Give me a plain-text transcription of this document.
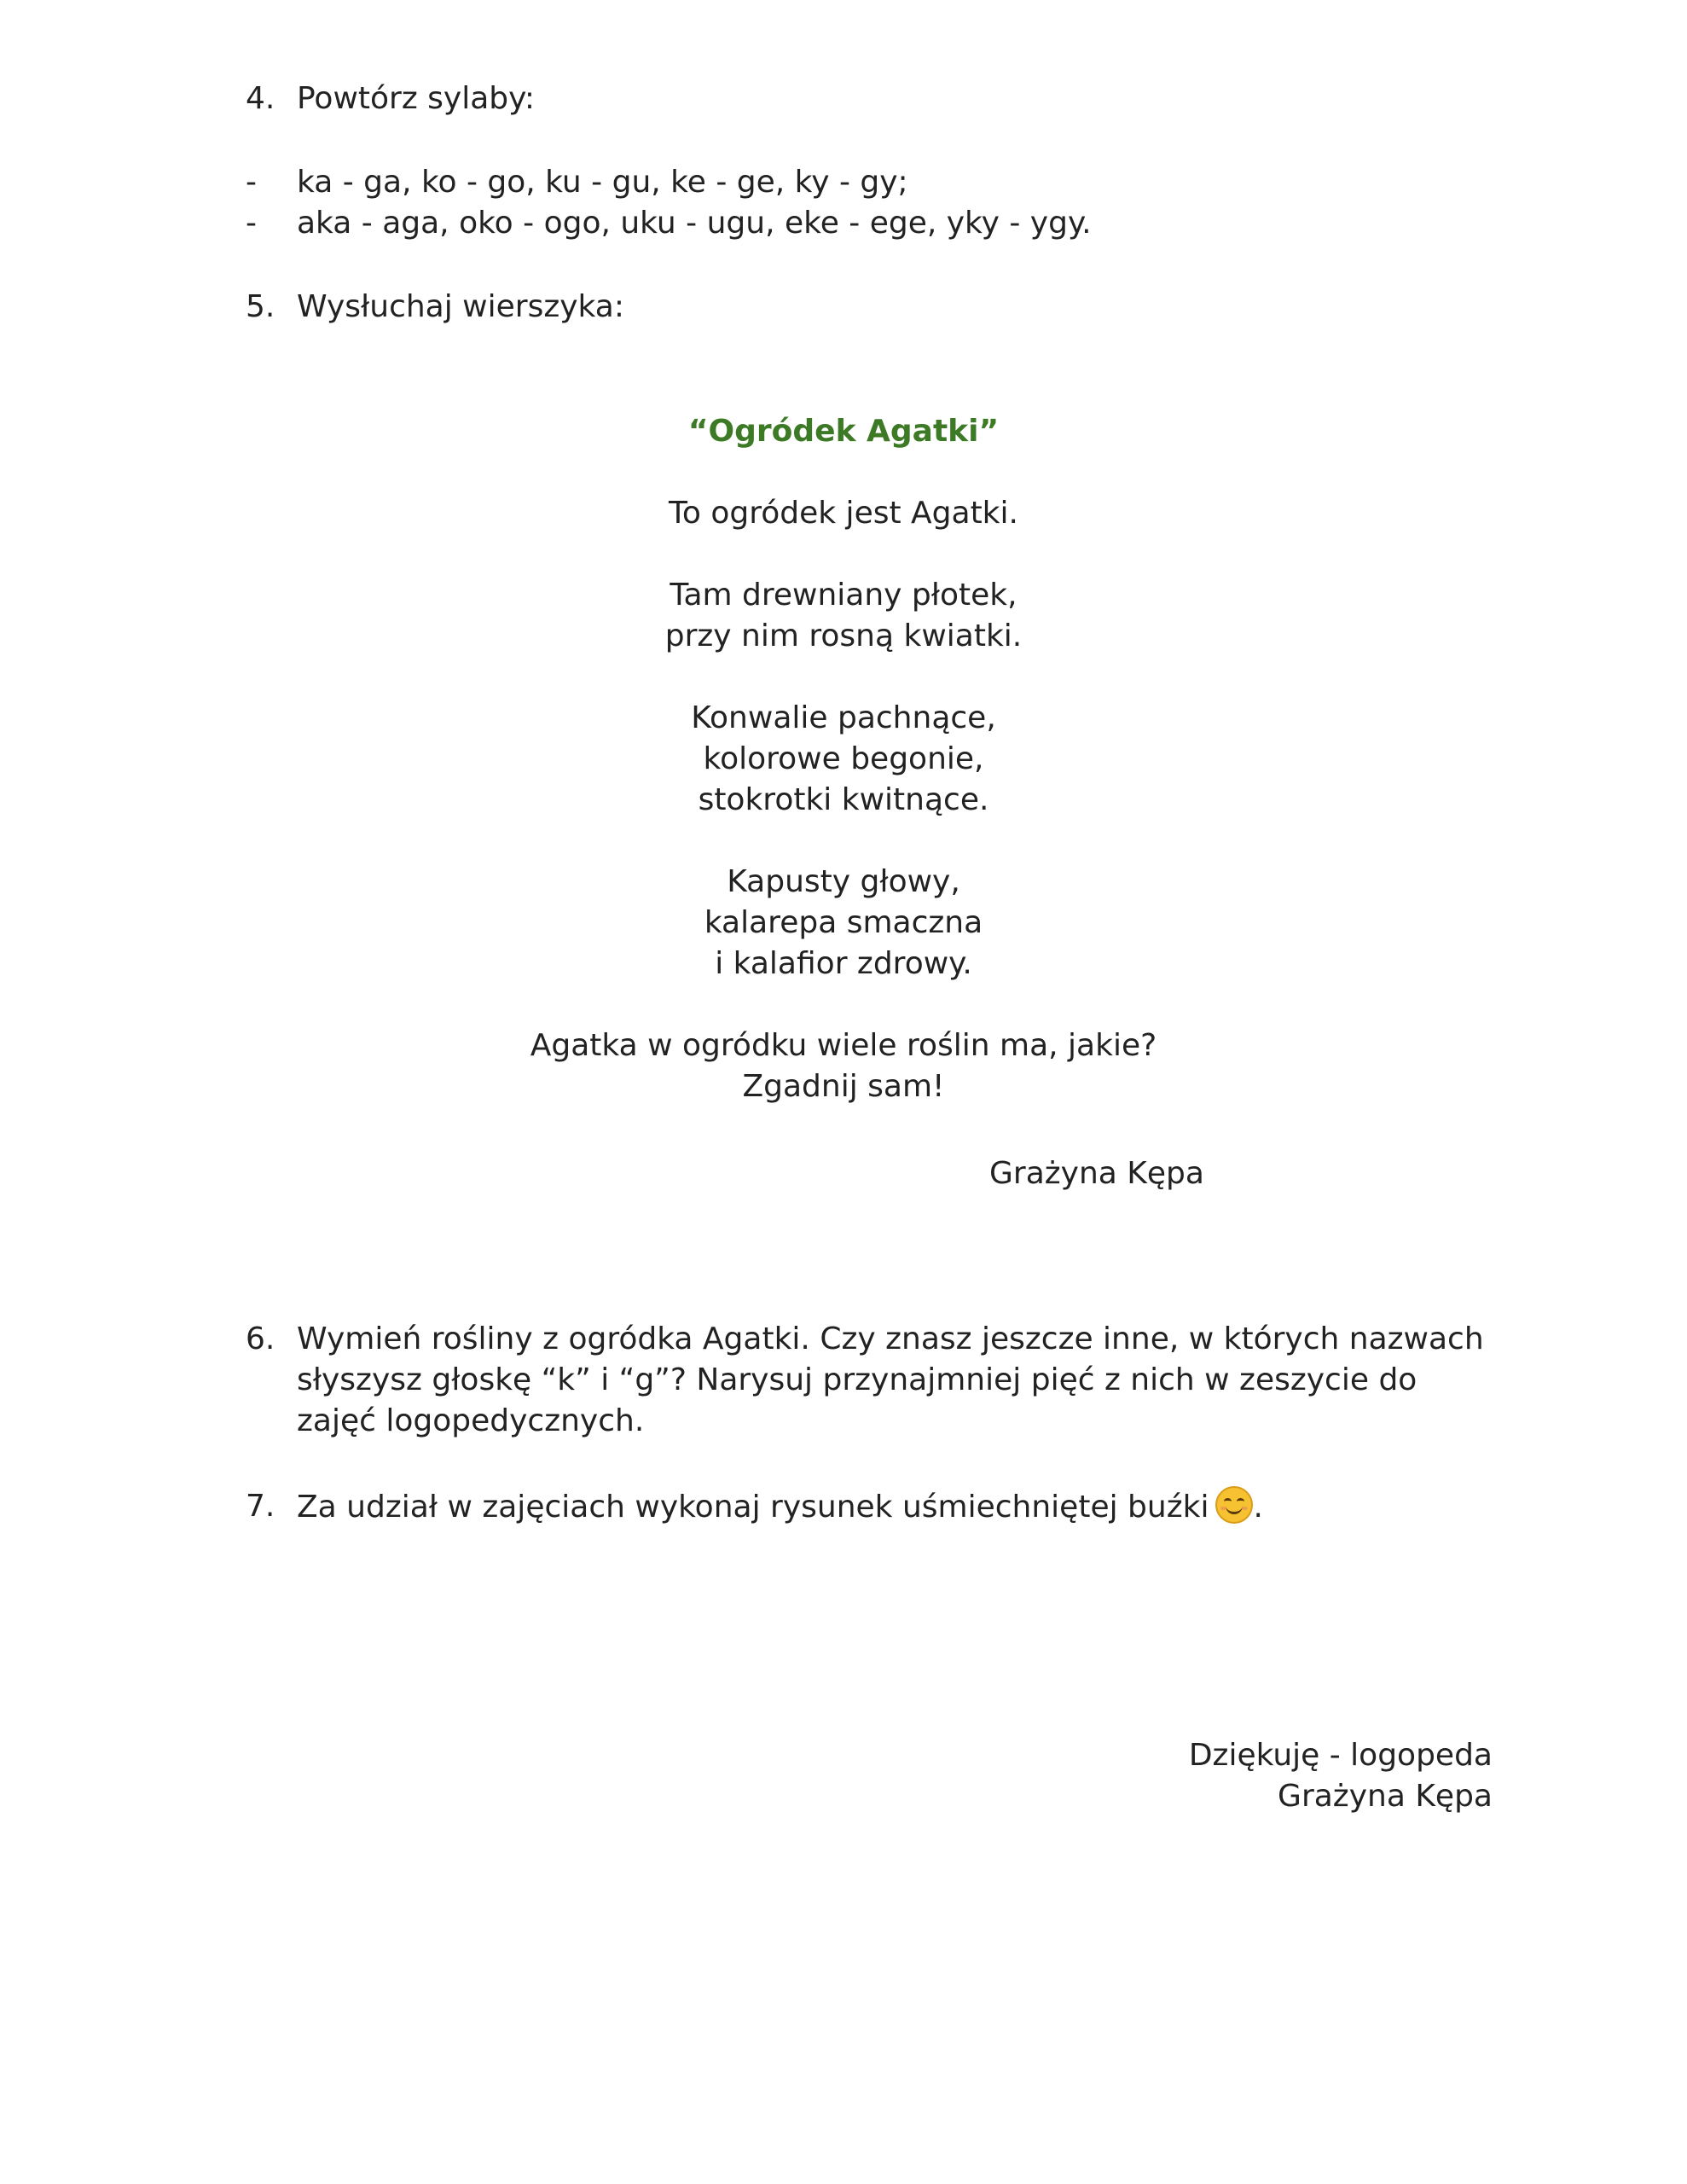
4. Powtórz sylaby:
-	ka - ga, ko - go, ku - gu, ke - ge, ky - gy;
-	aka - aga, oko - ogo, uku - ugu, eke - ege, yky - ygy.
5. Wysłuchaj wierszyka:
“Ogródek Agatki”
To ogródek jest Agatki.
Tam drewniany płotek,
przy nim rosną kwiatki.
Konwalie pachnące,
kolorowe begonie,
stokrotki kwitnące.
Kapusty głowy,
kalarepa smaczna
i kalafior zdrowy.
Agatka w ogródku wiele roślin ma, jakie?
Zgadnij sam!
Grażyna Kępa
6. Wymień rośliny z ogródka Agatki. Czy znasz jeszcze inne, w których nazwach słyszysz głoskę “k” i “g”? Narysuj przynajmniej pięć z nich w zeszycie do zajęć logopedycznych.
7. Za udział w zajęciach wykonaj rysunek uśmiechniętej buźki .
Dziękuję - logopeda
Grażyna Kępa
